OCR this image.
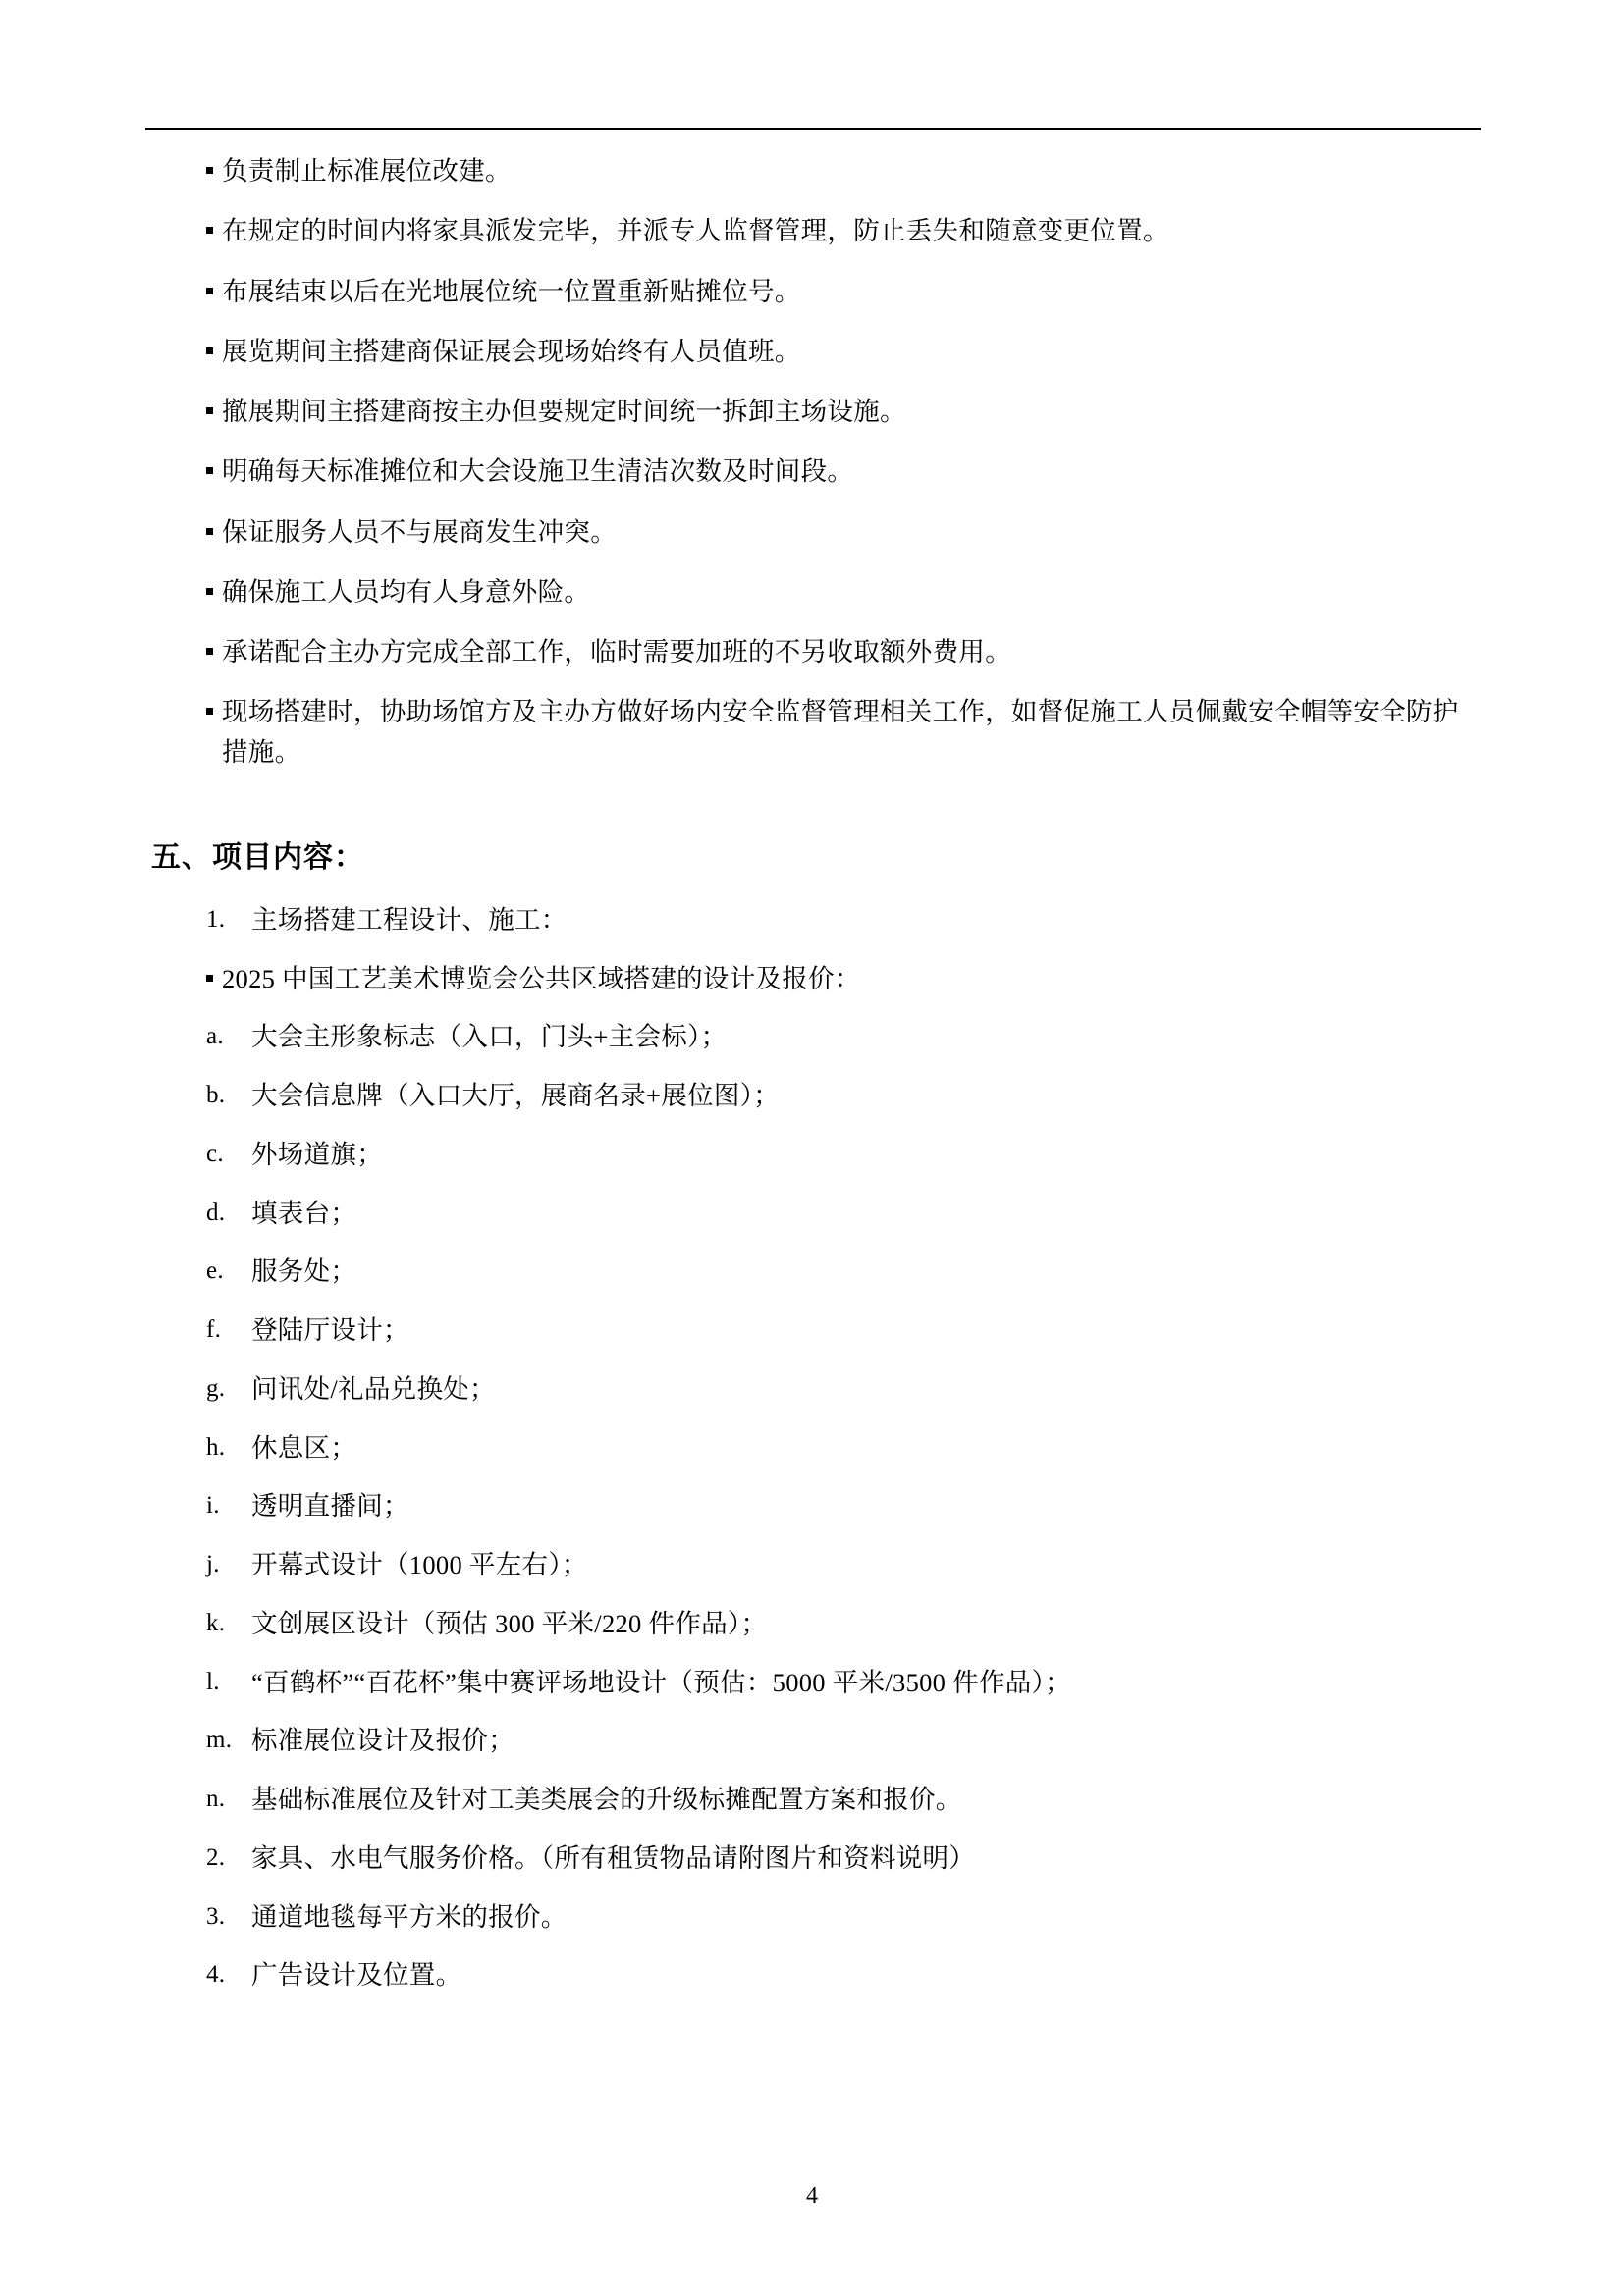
负责制止标准展位改建。
在规定的时间内将家具派发完毕，并派专人监督管理，防止丢失和随意变更位置。
布展结束以后在光地展位统一位置重新贴摊位号。
展览期间主搭建商保证展会现场始终有人员值班。
撤展期间主搭建商按主办但要规定时间统一拆卸主场设施。
明确每天标准摊位和大会设施卫生清洁次数及时间段。
保证服务人员不与展商发生冲突。
确保施工人员均有人身意外险。
承诺配合主办方完成全部工作，临时需要加班的不另收取额外费用。
现场搭建时，协助场馆方及主办方做好场内安全监督管理相关工作，如督促施工人员佩戴安全帽等安全防护措施。
五、项目内容：
1.	主场搭建工程设计、施工：
2025 中国工艺美术博览会公共区域搭建的设计及报价：
a.	大会主形象标志（入口，门头+主会标）；
b.	大会信息牌（入口大厅，展商名录+展位图）；
c.	外场道旗；
d.	填表台；
e.	服务处；
f.	登陆厅设计；
g.	问讯处/礼品兑换处；
h.	休息区；
i.	透明直播间；
j.	开幕式设计（1000 平左右）；
k.	文创展区设计（预估 300 平米/220 件作品）；
l.	“百鹤杯”“百花杯”集中赛评场地设计（预估：5000 平米/3500 件作品）；
m. 标准展位设计及报价；
n.	基础标准展位及针对工美类展会的升级标摊配置方案和报价。
2.	家具、水电气服务价格。（所有租赁物品请附图片和资料说明）
3.	通道地毯每平方米的报价。
4.	广告设计及位置。
4
